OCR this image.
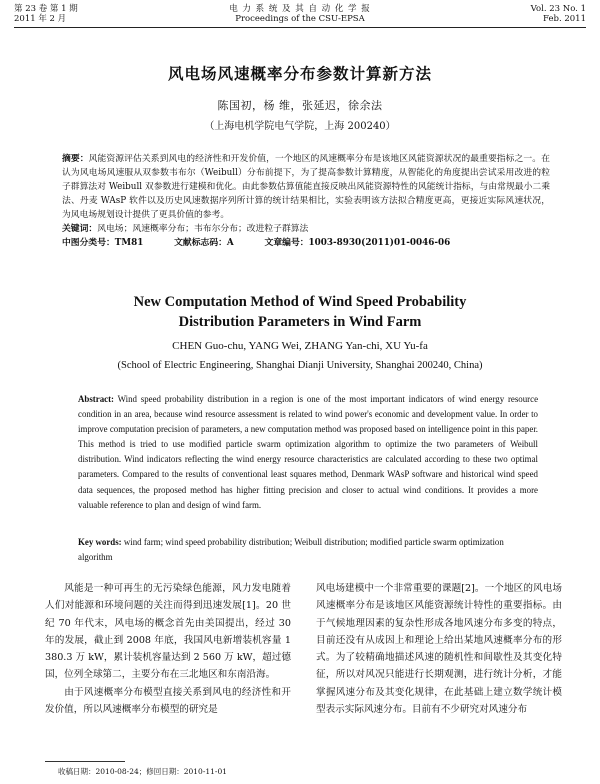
第 23 卷 第 1 期
2011 年 2 月
电 力 系 统 及 其 自 动 化 学 报
Proceedings of the CSU-EPSA
Vol. 23 No. 1
Feb. 2011
风电场风速概率分布参数计算新方法
陈国初，杨 维，张延迟，徐余法
（上海电机学院电气学院，上海 200240）
摘要：风能资源评估关系到风电的经济性和开发价值，一个地区的风速概率分布是该地区风能资源状况的最重要指标之一。在认为风电场风速服从双参数韦布尔（Weibull）分布前提下，为了提高参数计算精度，从智能化的角度提出尝试采用改进的粒子群算法对 Weibull 双参数进行建模和优化。由此参数估算值能直接反映出风能资源特性的风能统计指标，与由常规最小二乘法、丹麦 WAsP 软件以及历史风速数据序列所计算的统计结果相比，实验表明该方法拟合精度更高，更接近实际风速状况，为风电场规划设计提供了更具价值的参考。
关键词：风电场；风速概率分布；韦布尔分布；改进粒子群算法
中图分类号：TM81	文献标志码：A	文章编号：1003-8930(2011)01-0046-06
New Computation Method of Wind Speed Probability
Distribution Parameters in Wind Farm
CHEN Guo-chu, YANG Wei, ZHANG Yan-chi, XU Yu-fa
(School of Electric Engineering, Shanghai Dianji University, Shanghai 200240, China)
Abstract: Wind speed probability distribution in a region is one of the most important indicators of wind energy resource condition in an area, because wind resource assessment is related to wind power's economic and development value. In order to improve computation precision of parameters, a new computation method was proposed based on intelligence point in this paper. This method is tried to use modified particle swarm optimization algorithm to optimize the two parameters of Weibull distribution. Wind indicators reflecting the wind energy resource characteristics are calculated according to these two optimal parameters. Compared to the results of conventional least squares method, Denmark WAsP software and historical wind speed data sequences, the proposed method has higher fitting precision and closer to actual wind conditions. It provides a more valuable reference to plan and design of wind farm.
Key words: wind farm; wind speed probability distribution; Weibull distribution; modified particle swarm optimization algorithm

风能是一种可再生的无污染绿色能源，风力发电随着人们对能源和环境问题的关注而得到迅速发展[1]。20 世纪 70 年代末，风电场的概念首先由美国提出，经过 30 年的发展，截止到 2008 年底，我国风电新增装机容量 1 380.3 万 kW，累计装机容量达到 2 560 万 kW，超过德国，位列全球第二，主要分布在三北地区和东南沿海。

由于风速概率分布模型直接关系到风电的经济性和开发价值，所以风速概率分布模型的研究是

风电场建模中一个非常重要的课题[2]。一个地区的风电场风速概率分布是该地区风能资源统计特性的重要指标。由于气候地理因素的复杂性形成各地风速分布多变的特点，目前还没有从成因上和理论上给出某地风速概率分布的形式。为了较精确地描述风速的随机性和间歇性及其变化特征，所以对风况只能进行长期观测，进行统计分析，才能掌握风速分布及其变化规律，在此基础上建立数学统计模型表示实际风速分布。目前有不少研究对风速分布

收稿日期：2010-08-24；修回日期：2010-11-01
